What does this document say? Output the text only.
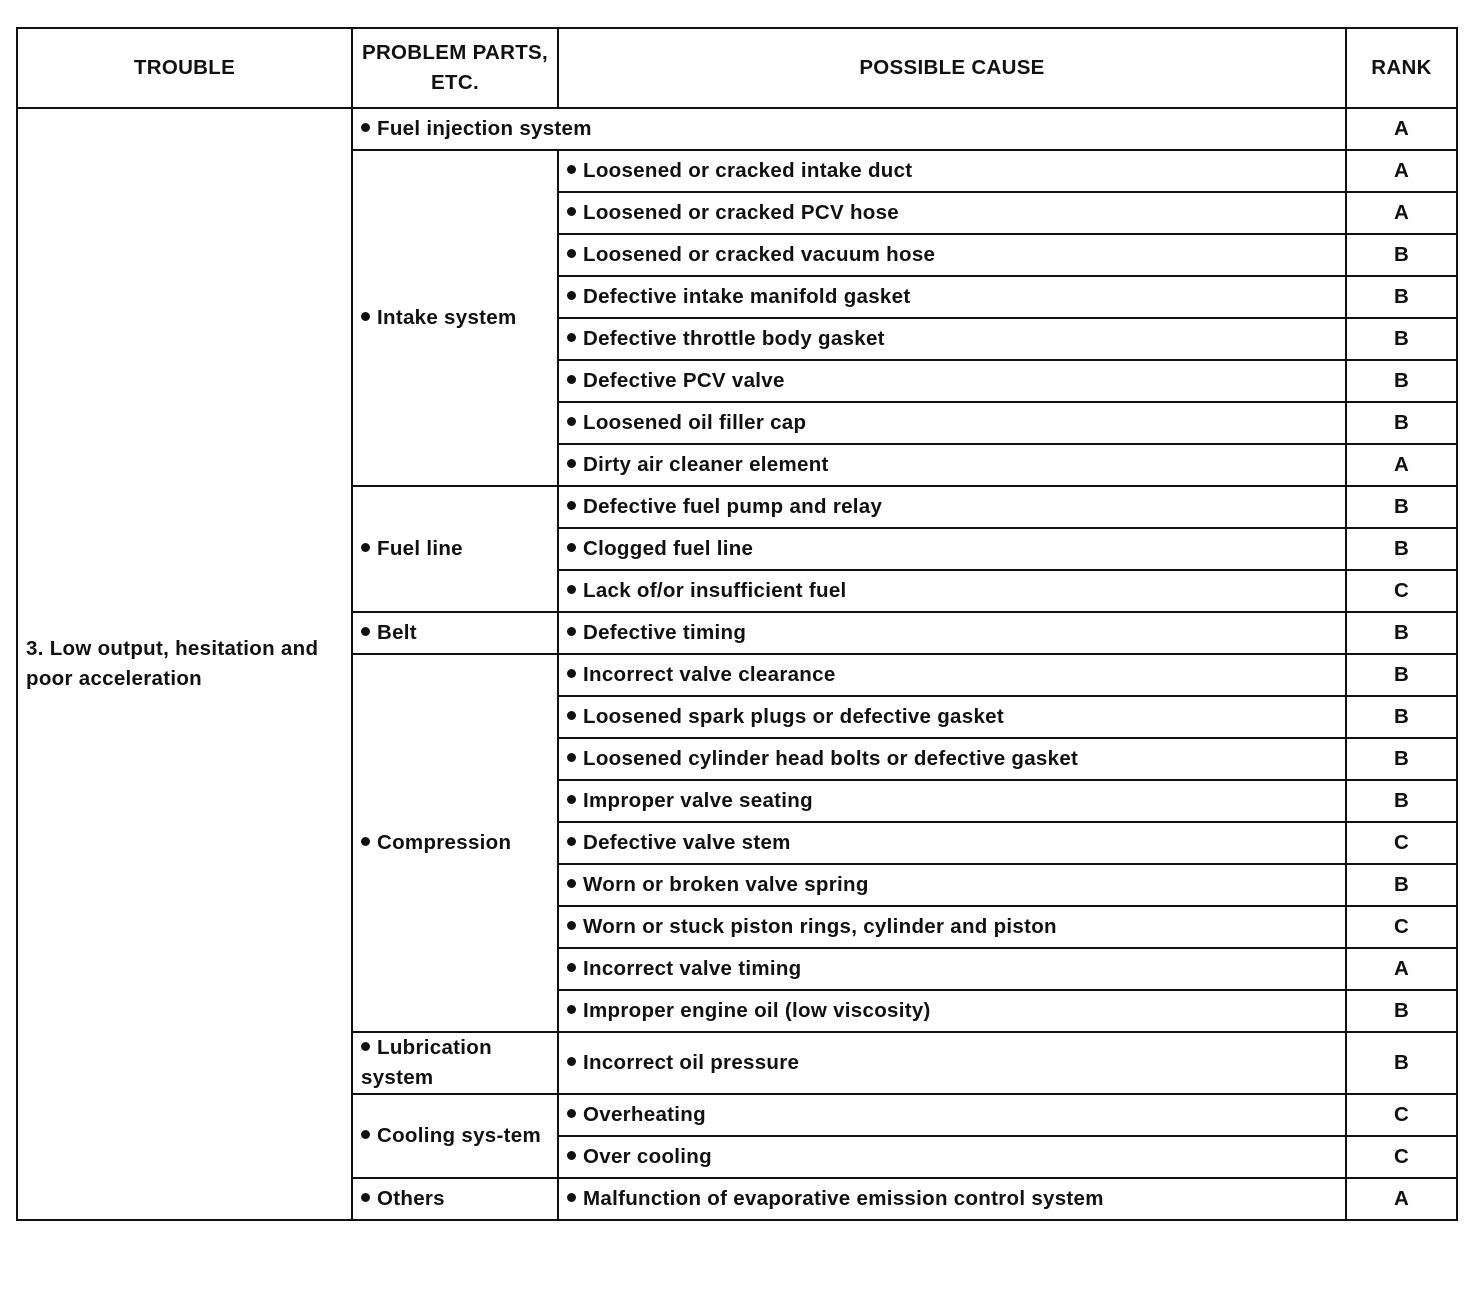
TROUBLE	PROBLEM PARTS, ETC.	POSSIBLE CAUSE	RANK
3. Low output, hesitation and poor acceleration	Fuel injection system		A
	Intake system	Loosened or cracked intake duct	A
		Loosened or cracked PCV hose	A
		Loosened or cracked vacuum hose	B
		Defective intake manifold gasket	B
		Defective throttle body gasket	B
		Defective PCV valve	B
		Loosened oil filler cap	B
		Dirty air cleaner element	A
	Fuel line	Defective fuel pump and relay	B
		Clogged fuel line	B
		Lack of/or insufficient fuel	C
	Belt	Defective timing	B
	Compression	Incorrect valve clearance	B
		Loosened spark plugs or defective gasket	B
		Loosened cylinder head bolts or defective gasket	B
		Improper valve seating	B
		Defective valve stem	C
		Worn or broken valve spring	B
		Worn or stuck piston rings, cylinder and piston	C
		Incorrect valve timing	A
		Improper engine oil (low viscosity)	B
	Lubrication system	Incorrect oil pressure	B
	Cooling sys-tem	Overheating	C
		Over cooling	C
	Others	Malfunction of evaporative emission control system	A
